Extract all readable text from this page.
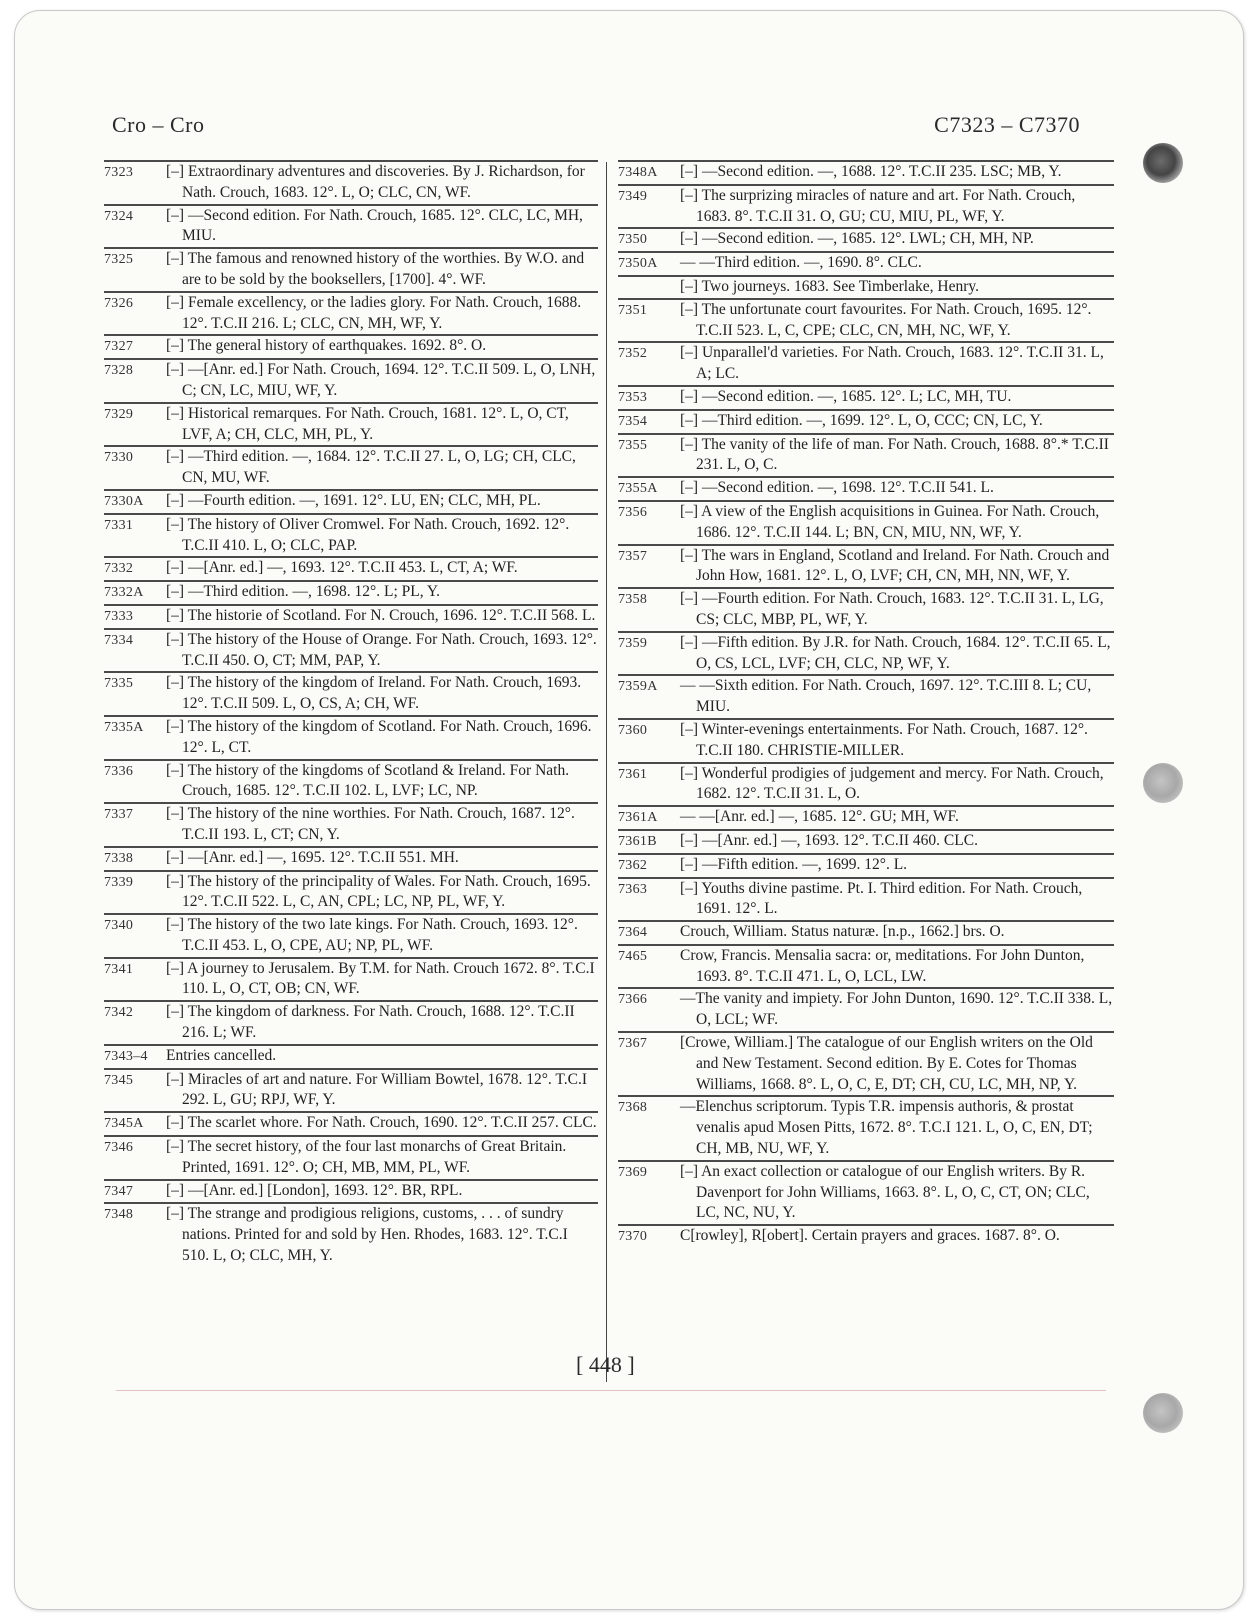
Cro – Cro	C7323 – C7370
7323	[–] Extraordinary adventures and discoveries. By J. Richardson, for Nath. Crouch, 1683. 12°. L, O; CLC, CN, WF.
7324	[–] —Second edition. For Nath. Crouch, 1685. 12°. CLC, LC, MH, MIU.
7325	[–] The famous and renowned history of the worthies. By W.O. and are to be sold by the booksellers, [1700]. 4°. WF.
7326	[–] Female excellency, or the ladies glory. For Nath. Crouch, 1688. 12°. T.C.II 216. L; CLC, CN, MH, WF, Y.
7327	[–] The general history of earthquakes. 1692. 8°. O.
7328	[–] —[Anr. ed.] For Nath. Crouch, 1694. 12°. T.C.II 509. L, O, LNH, C; CN, LC, MIU, WF, Y.
7329	[–] Historical remarques. For Nath. Crouch, 1681. 12°. L, O, CT, LVF, A; CH, CLC, MH, PL, Y.
7330	[–] —Third edition. —, 1684. 12°. T.C.II 27. L, O, LG; CH, CLC, CN, MU, WF.
7330A	[–] —Fourth edition. —, 1691. 12°. LU, EN; CLC, MH, PL.
7331	[–] The history of Oliver Cromwel. For Nath. Crouch, 1692. 12°. T.C.II 410. L, O; CLC, PAP.
7332	[–] —[Anr. ed.] —, 1693. 12°. T.C.II 453. L, CT, A; WF.
7332A	[–] —Third edition. —, 1698. 12°. L; PL, Y.
7333	[–] The historie of Scotland. For N. Crouch, 1696. 12°. T.C.II 568. L.
7334	[–] The history of the House of Orange. For Nath. Crouch, 1693. 12°. T.C.II 450. O, CT; MM, PAP, Y.
7335	[–] The history of the kingdom of Ireland. For Nath. Crouch, 1693. 12°. T.C.II 509. L, O, CS, A; CH, WF.
7335A	[–] The history of the kingdom of Scotland. For Nath. Crouch, 1696. 12°. L, CT.
7336	[–] The history of the kingdoms of Scotland & Ireland. For Nath. Crouch, 1685. 12°. T.C.II 102. L, LVF; LC, NP.
7337	[–] The history of the nine worthies. For Nath. Crouch, 1687. 12°. T.C.II 193. L, CT; CN, Y.
7338	[–] —[Anr. ed.] —, 1695. 12°. T.C.II 551. MH.
7339	[–] The history of the principality of Wales. For Nath. Crouch, 1695. 12°. T.C.II 522. L, C, AN, CPL; LC, NP, PL, WF, Y.
7340	[–] The history of the two late kings. For Nath. Crouch, 1693. 12°. T.C.II 453. L, O, CPE, AU; NP, PL, WF.
7341	[–] A journey to Jerusalem. By T.M. for Nath. Crouch 1672. 8°. T.C.I 110. L, O, CT, OB; CN, WF.
7342	[–] The kingdom of darkness. For Nath. Crouch, 1688. 12°. T.C.II 216. L; WF.
7343–4	Entries cancelled.
7345	[–] Miracles of art and nature. For William Bowtel, 1678. 12°. T.C.I 292. L, GU; RPJ, WF, Y.
7345A	[–] The scarlet whore. For Nath. Crouch, 1690. 12°. T.C.II 257. CLC.
7346	[–] The secret history, of the four last monarchs of Great Britain. Printed, 1691. 12°. O; CH, MB, MM, PL, WF.
7347	[–] —[Anr. ed.] [London], 1693. 12°. BR, RPL.
7348	[–] The strange and prodigious religions, customs, . . . of sundry nations. Printed for and sold by Hen. Rhodes, 1683. 12°. T.C.I 510. L, O; CLC, MH, Y.
7348A	[–] —Second edition. —, 1688. 12°. T.C.II 235. LSC; MB, Y.
7349	[–] The surprizing miracles of nature and art. For Nath. Crouch, 1683. 8°. T.C.II 31. O, GU; CU, MIU, PL, WF, Y.
7350	[–] —Second edition. —, 1685. 12°. LWL; CH, MH, NP.
7350A	— —Third edition. —, 1690. 8°. CLC.
[–] Two journeys. 1683. See Timberlake, Henry.
7351	[–] The unfortunate court favourites. For Nath. Crouch, 1695. 12°. T.C.II 523. L, C, CPE; CLC, CN, MH, NC, WF, Y.
7352	[–] Unparallel'd varieties. For Nath. Crouch, 1683. 12°. T.C.II 31. L, A; LC.
7353	[–] —Second edition. —, 1685. 12°. L; LC, MH, TU.
7354	[–] —Third edition. —, 1699. 12°. L, O, CCC; CN, LC, Y.
7355	[–] The vanity of the life of man. For Nath. Crouch, 1688. 8°.* T.C.II 231. L, O, C.
7355A	[–] —Second edition. —, 1698. 12°. T.C.II 541. L.
7356	[–] A view of the English acquisitions in Guinea. For Nath. Crouch, 1686. 12°. T.C.II 144. L; BN, CN, MIU, NN, WF, Y.
7357	[–] The wars in England, Scotland and Ireland. For Nath. Crouch and John How, 1681. 12°. L, O, LVF; CH, CN, MH, NN, WF, Y.
7358	[–] —Fourth edition. For Nath. Crouch, 1683. 12°. T.C.II 31. L, LG, CS; CLC, MBP, PL, WF, Y.
7359	[–] —Fifth edition. By J.R. for Nath. Crouch, 1684. 12°. T.C.II 65. L, O, CS, LCL, LVF; CH, CLC, NP, WF, Y.
7359A	— —Sixth edition. For Nath. Crouch, 1697. 12°. T.C.III 8. L; CU, MIU.
7360	[–] Winter-evenings entertainments. For Nath. Crouch, 1687. 12°. T.C.II 180. CHRISTIE-MILLER.
7361	[–] Wonderful prodigies of judgement and mercy. For Nath. Crouch, 1682. 12°. T.C.II 31. L, O.
7361A	— —[Anr. ed.] —, 1685. 12°. GU; MH, WF.
7361B	[–] —[Anr. ed.] —, 1693. 12°. T.C.II 460. CLC.
7362	[–] —Fifth edition. —, 1699. 12°. L.
7363	[–] Youths divine pastime. Pt. I. Third edition. For Nath. Crouch, 1691. 12°. L.
7364	Crouch, William. Status naturæ. [n.p., 1662.] brs. O.
7465	Crow, Francis. Mensalia sacra: or, meditations. For John Dunton, 1693. 8°. T.C.II 471. L, O, LCL, LW.
7366	—The vanity and impiety. For John Dunton, 1690. 12°. T.C.II 338. L, O, LCL; WF.
7367	[Crowe, William.] The catalogue of our English writers on the Old and New Testament. Second edition. By E. Cotes for Thomas Williams, 1668. 8°. L, O, C, E, DT; CH, CU, LC, MH, NP, Y.
7368	—Elenchus scriptorum. Typis T.R. impensis authoris, & prostat venalis apud Mosen Pitts, 1672. 8°. T.C.I 121. L, O, C, EN, DT; CH, MB, NU, WF, Y.
7369	[–] An exact collection or catalogue of our English writers. By R. Davenport for John Williams, 1663. 8°. L, O, C, CT, ON; CLC, LC, NC, NU, Y.
7370	C[rowley], R[obert]. Certain prayers and graces. 1687. 8°. O.
[ 448 ]
